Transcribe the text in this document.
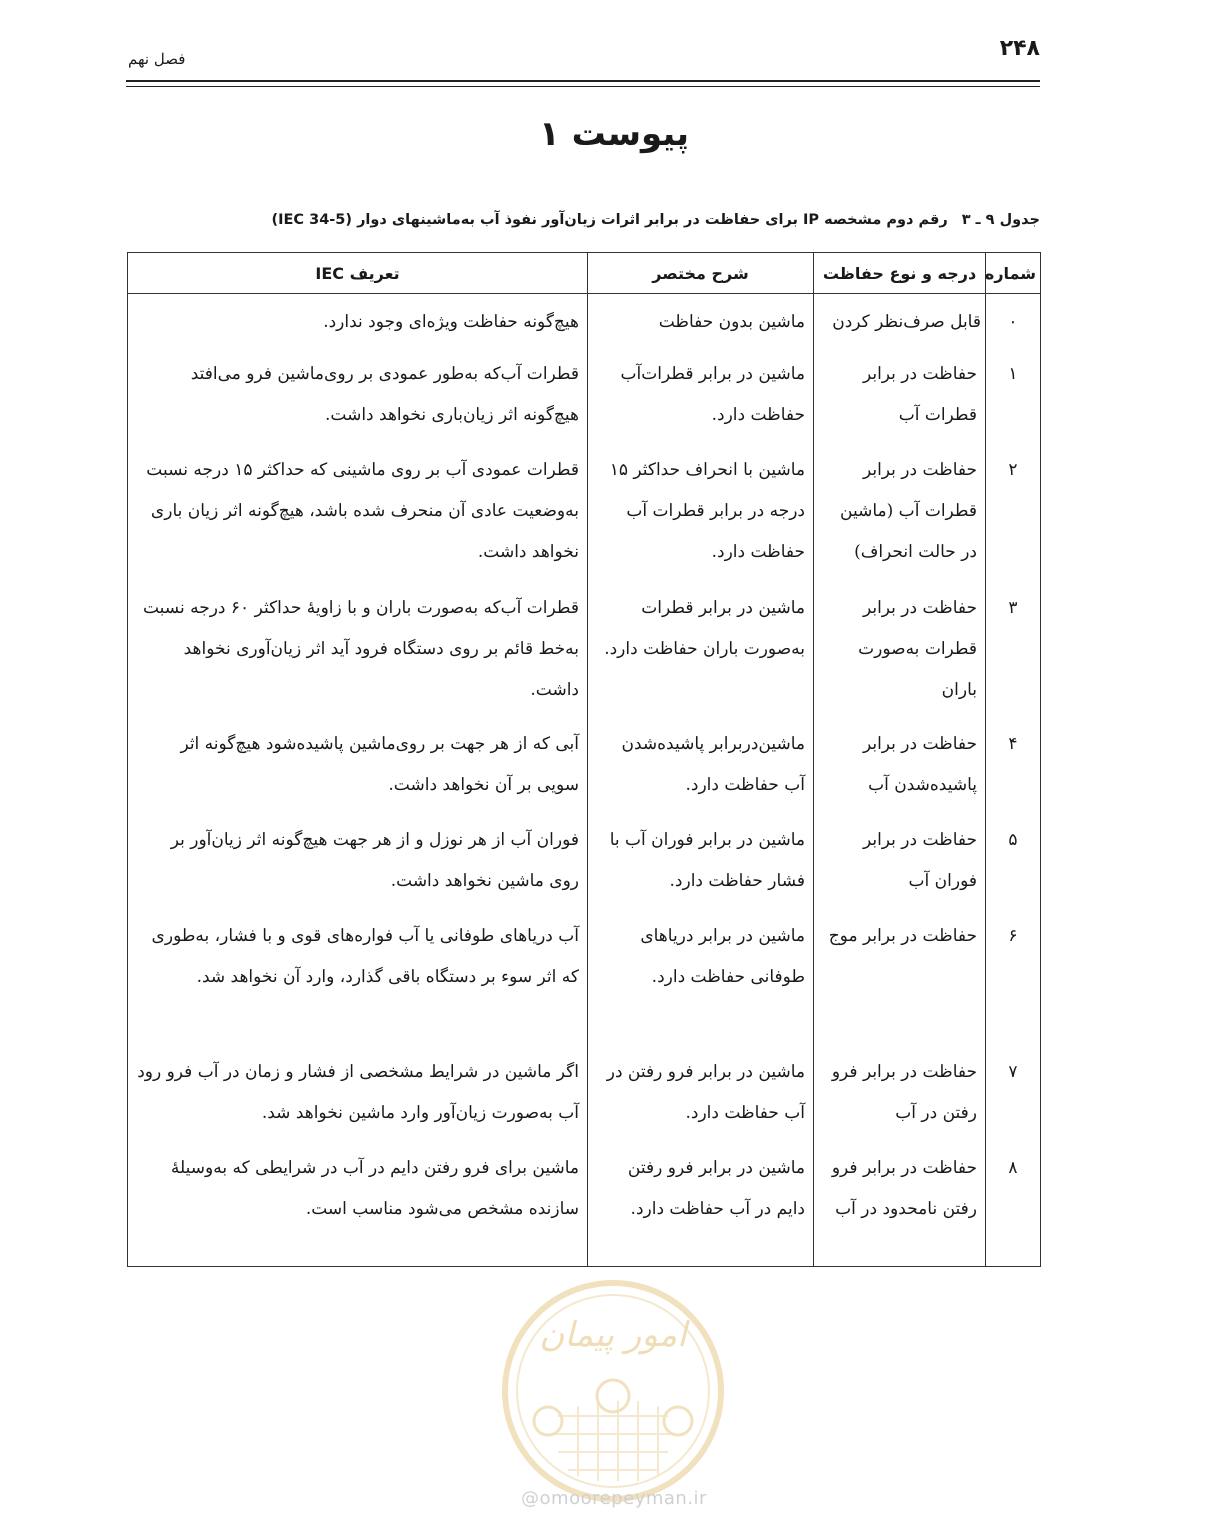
۲۴۸
فصل نهم
پیوست ۱
جدول ۹ ـ ۳رقم دوم مشخصه IP برای حفاظت در برابر اثرات زیان‌آور نفوذ آب به‌ماشینهای دوار (IEC 34-5)
شماره	درجه و نوع حفاظت	شرح مختصر	تعریف IEC
۰	قابل صرف‌نظر کردن	ماشین بدون حفاظت	هیچ‌گونه حفاظت ویژه‌ای وجود ندارد.
۱	حفاظت در برابر قطرات آب	ماشین در برابر قطرات‌آب حفاظت دارد.	قطرات آب‌که به‌طور عمودی بر روی‌ماشین فرو می‌افتد هیچ‌گونه اثر زیان‌باری نخواهد داشت.
۲	حفاظت در برابر قطرات آب (ماشین در حالت انحراف)	ماشین با انحراف حداکثر ۱۵ درجه در برابر قطرات آب حفاظت دارد.	قطرات عمودی آب بر روی ماشینی که حداکثر ۱۵ درجه نسبت به‌وضعیت عادی آن منحرف شده باشد، هیچ‌گونه اثر زیان باری نخواهد داشت.
۳	حفاظت در برابر قطرات به‌صورت باران	ماشین در برابر قطرات به‌صورت باران حفاظت دارد.	قطرات آب‌که به‌صورت باران و با زاویهٔ حداکثر ۶۰ درجه نسبت به‌خط قائم بر روی دستگاه فرود آید اثر زیان‌آوری نخواهد داشت.
۴	حفاظت در برابر پاشیده‌شدن آب	ماشین‌دربرابر پاشیده‌شدن آب حفاظت دارد.	آبی که از هر جهت بر روی‌ماشین پاشیده‌شود هیچ‌گونه اثر سویی بر آن نخواهد داشت.
۵	حفاظت در برابر فوران آب	ماشین در برابر فوران آب با فشار حفاظت دارد.	فوران آب از هر نوزل و از هر جهت هیچ‌گونه اثر زیان‌آور بر روی ماشین نخواهد داشت.
۶	حفاظت در برابر موج	ماشین در برابر دریاهای طوفانی حفاظت دارد.	آب دریاهای طوفانی یا آب فواره‌های قوی و با فشار، به‌طوری که اثر سوء بر دستگاه باقی گذارد، وارد آن نخواهد شد.
۷	حفاظت در برابر فرو رفتن در آب	ماشین در برابر فرو رفتن در آب حفاظت دارد.	اگر ماشین در شرایط مشخصی از فشار و زمان در آب فرو رود آب به‌صورت زیان‌آور وارد ماشین نخواهد شد.
۸	حفاظت در برابر فرو رفتن نامحدود در آب	ماشین در برابر فرو رفتن دایم در آب حفاظت دارد.	ماشین برای فرو رفتن دایم در آب در شرایطی که به‌وسیلهٔ سازنده مشخص می‌شود مناسب است.
امور پیمان
@omoorepeyman.ir
